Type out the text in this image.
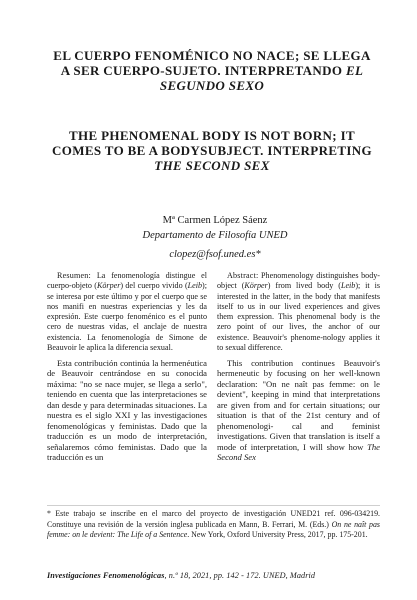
EL CUERPO FENOMÉNICO NO NACE; SE LLEGA
A SER CUERPO-SUJETO. INTERPRETANDO EL
SEGUNDO SEXO
THE PHENOMENAL BODY IS NOT BORN; IT
COMES TO BE A BODYSUBJECT. INTERPRETING
THE SECOND SEX
Mª Carmen López Sáenz
Departamento de Filosofía UNED
clopez@fsof.uned.es*

Resumen: La fenomenología distingue el cuerpo-objeto (Körper) del cuerpo vivido (Leib); se interesa por este último y por el cuerpo que se nos manifi en nuestras experiencias y les da expresión. Este cuerpo fenoménico es el punto cero de nuestras vidas, el anclaje de nuestra existencia. La fenomenología de Simone de Beauvoir le aplica la diferencia sexual.

Esta contribución continúa la hermenéutica de Beauvoir centrándose en su conocida máxima: "no se nace mujer, se llega a serlo", teniendo en cuenta que las interpretaciones se dan desde y para determinadas situaciones. La nuestra es el siglo XXI y las investigaciones fenomenológicas y feministas. Dado que la traducción es un modo de interpretación, señalaremos cómo feministas. Dado que la traducción es un

Abstract: Phenomenology distinguishes body-object (Körper) from lived body (Leib); it is interested in the latter, in the body that manifests itself to us in our lived experiences and gives them expression. This phenomenal body is the zero point of our lives, the anchor of our existence. Beauvoir's phenome-nology applies it to sexual difference.

This contribution continues Beauvoir's hermeneutic by focusing on her well-known declaration: "On ne naît pas femme: on le devient", keeping in mind that interpretations are given from and for certain situations; our situation is that of the 21st century and of phenomenologi- cal and feminist investigations. Given that translation is itself a mode of interpretation, I will show how The Second Sex

* Este trabajo se inscribe en el marco del proyecto de investigación UNED21 ref. 096-034219. Constituye una revisión de la versión inglesa publicada en Mann, B. Ferrari, M. (Eds.) On ne naît pas femme: on le devient: The Life of a Sentence. New York, Oxford University Press, 2017, pp. 175-201.

Investigaciones Fenomenológicas, n.º 18, 2021, pp. 142 - 172. UNED, Madrid
